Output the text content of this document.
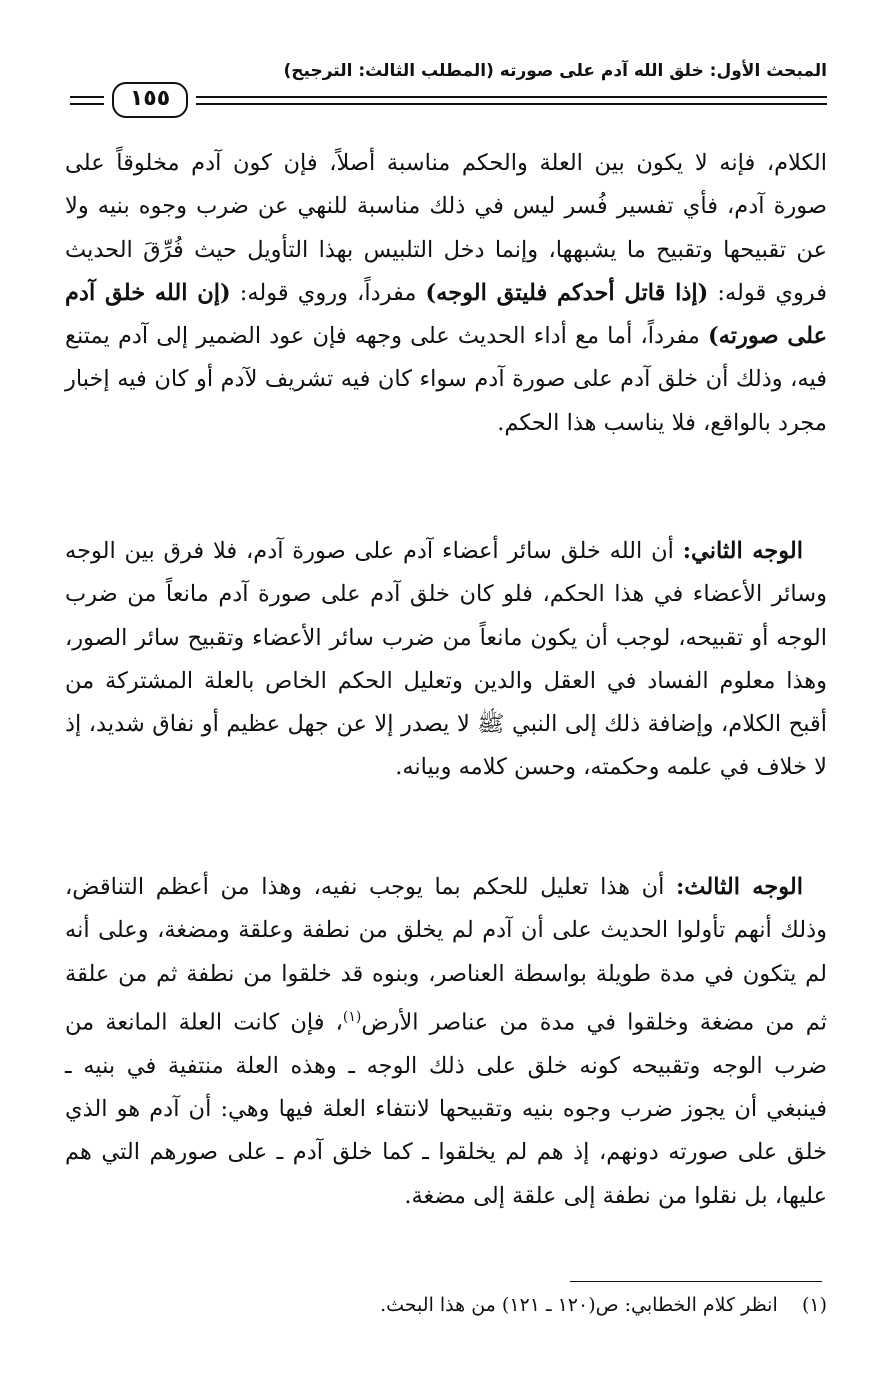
المبحث الأول: خلق الله آدم على صورته (المطلب الثالث: الترجيح)
١٥٥

الكلام، فإنه لا يكون بين العلة والحكم مناسبة أصلاً، فإن كون آدم مخلوقاً على صورة آدم، فأي تفسير فُسر ليس في ذلك مناسبة للنهي عن ضرب وجوه بنيه ولا عن تقبيحها وتقبيح ما يشبهها، وإنما دخل التلبيس بهذا التأويل حيث فُرِّقَ الحديث فروي قوله: (إذا قاتل أحدكم فليتق الوجه) مفرداً، وروي قوله: (إن الله خلق آدم على صورته) مفرداً، أما مع أداء الحديث على وجهه فإن عود الضمير إلى آدم يمتنع فيه، وذلك أن خلق آدم على صورة آدم سواء كان فيه تشريف لآدم أو كان فيه إخبار مجرد بالواقع، فلا يناسب هذا الحكم.

الوجه الثاني: أن الله خلق سائر أعضاء آدم على صورة آدم، فلا فرق بين الوجه وسائر الأعضاء في هذا الحكم، فلو كان خلق آدم على صورة آدم مانعاً من ضرب الوجه أو تقبيحه، لوجب أن يكون مانعاً من ضرب سائر الأعضاء وتقبيح سائر الصور، وهذا معلوم الفساد في العقل والدين وتعليل الحكم الخاص بالعلة المشتركة من أقبح الكلام، وإضافة ذلك إلى النبي ﷺ لا يصدر إلا عن جهل عظيم أو نفاق شديد، إذ لا خلاف في علمه وحكمته، وحسن كلامه وبيانه.

الوجه الثالث: أن هذا تعليل للحكم بما يوجب نفيه، وهذا من أعظم التناقض، وذلك أنهم تأولوا الحديث على أن آدم لم يخلق من نطفة وعلقة ومضغة، وعلى أنه لم يتكون في مدة طويلة بواسطة العناصر، وبنوه قد خلقوا من نطفة ثم من علقة ثم من مضغة وخلقوا في مدة من عناصر الأرض$^{(١)}$، فإن كانت العلة المانعة من ضرب الوجه وتقبيحه كونه خلق على ذلك الوجه ـ وهذه العلة منتفية في بنيه ـ فينبغي أن يجوز ضرب وجوه بنيه وتقبيحها لانتفاء العلة فيها وهي: أن آدم هو الذي خلق على صورته دونهم، إذ هم لم يخلقوا ـ كما خلق آدم ـ على صورهم التي هم عليها، بل نقلوا من نطفة إلى علقة إلى مضغة.

(١)    انظر كلام الخطابي: ص(١٢٠ ـ ١٢١) من هذا البحث.
